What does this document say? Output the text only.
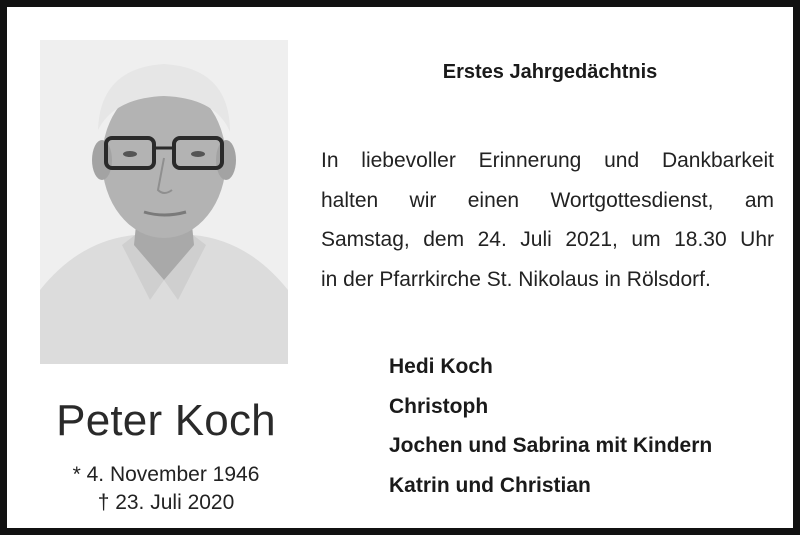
Peter Koch
* 4. November 1946
† 23. Juli 2020
Erstes Jahrgedächtnis
In liebevoller Erinnerung und Dankbarkeit
halten wir einen Wortgottesdienst, am
Samstag, dem 24. Juli 2021, um 18.30 Uhr
in der Pfarrkirche St. Nikolaus in Rölsdorf.
Hedi Koch
Christoph
Jochen und Sabrina mit Kindern
Katrin und Christian
